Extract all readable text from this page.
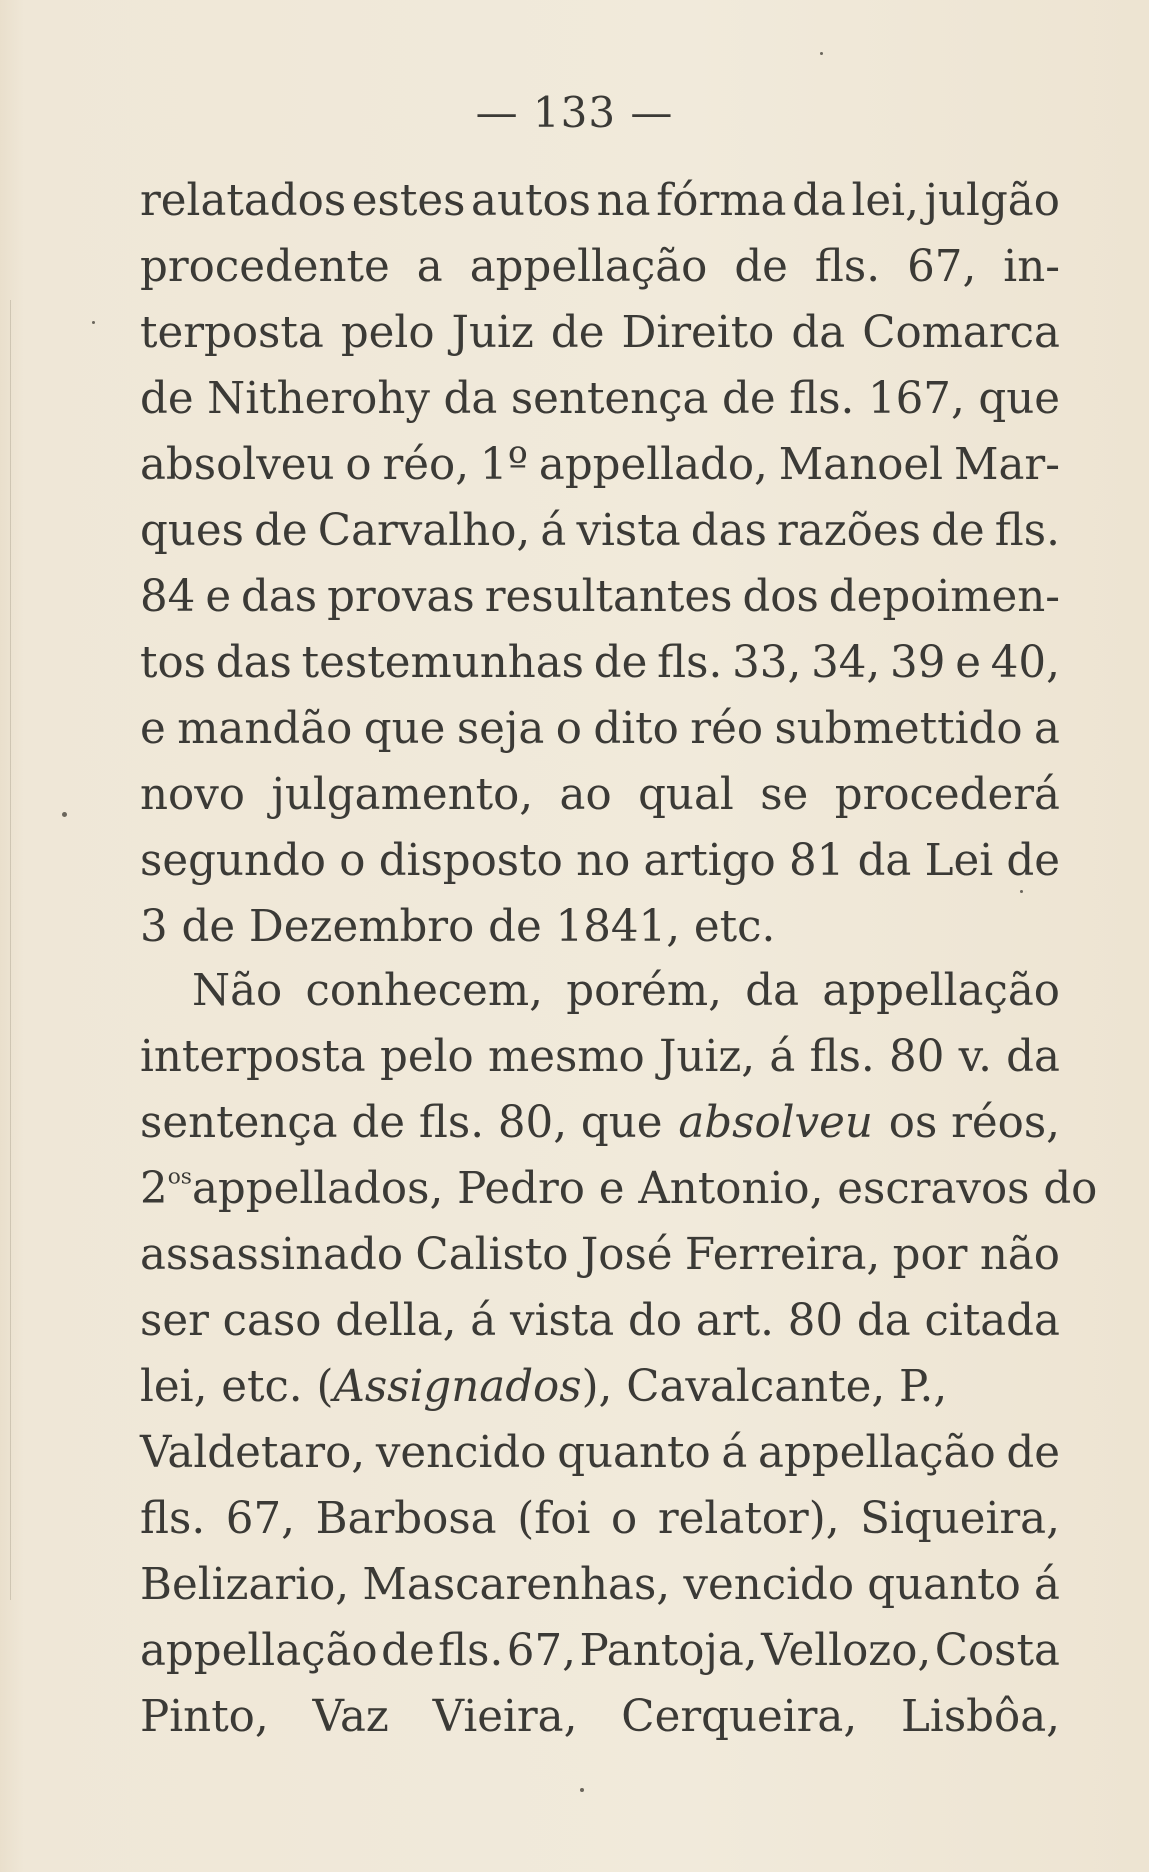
— 133 —
relatados estes autos na fórma da lei, julgão
procedente a appellação de fls. 67, in-
terposta pelo Juiz de Direito da Comarca
de Nitherohy da sentença de fls. 167, que
absolveu o réo, 1º appellado, Manoel Mar-
ques de Carvalho, á vista das razões de fls.
84 e das provas resultantes dos depoimen-
tos das testemunhas de fls. 33, 34, 39 e 40,
e mandão que seja o dito réo submettido a
novo julgamento, ao qual se procederá
segundo o disposto no artigo 81 da Lei de
3 de Dezembro de 1841, etc.
Não conhecem, porém, da appellação
interposta pelo mesmo Juiz, á fls. 80 v. da
sentença de fls. 80, que absolveu os réos,
$2^{os}$ appellados, Pedro e Antonio, escravos do
assassinado Calisto José Ferreira, por não
ser caso della, á vista do art. 80 da citada
lei, etc. (Assignados), Cavalcante, P.,
Valdetaro, vencido quanto á appellação de
fls. 67, Barbosa (foi o relator), Siqueira,
Belizario, Mascarenhas, vencido quanto á
appellação de fls. 67, Pantoja, Vellozo, Costa
Pinto, Vaz Vieira, Cerqueira, Lisbôa,
